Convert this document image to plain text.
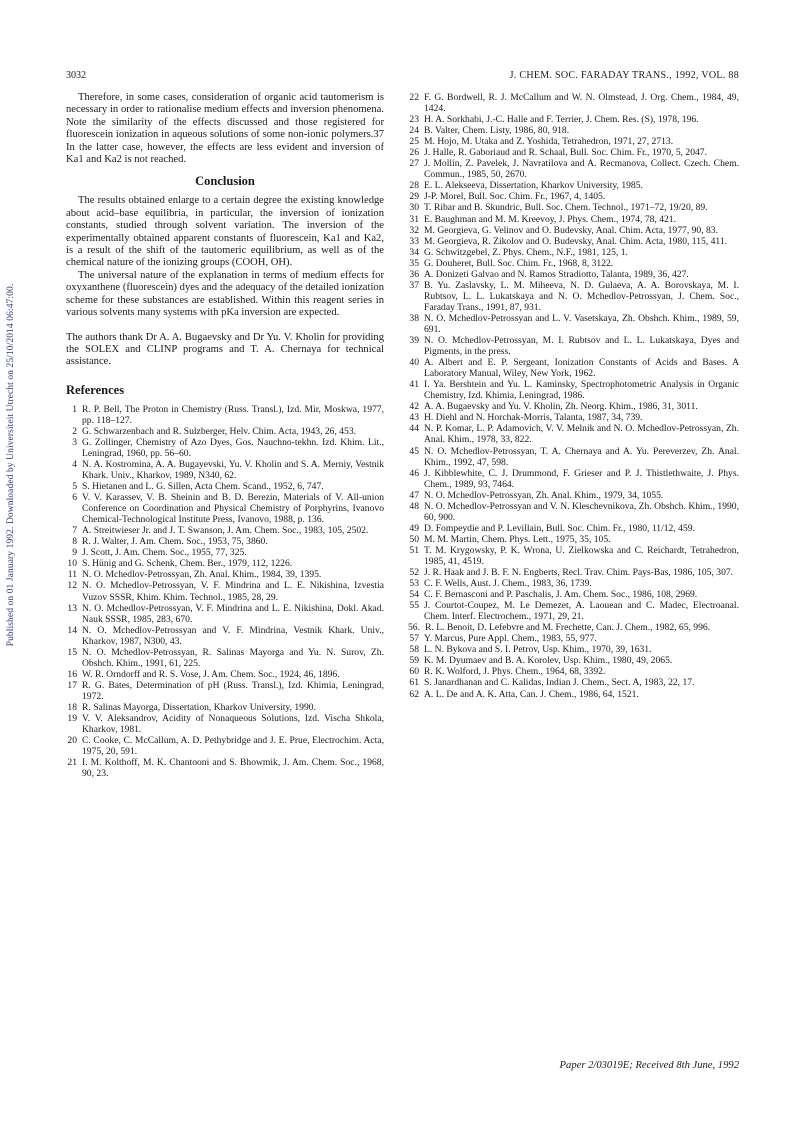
Published on 01 January 1992. Downloaded by Universiteit Utrecht on 25/10/2014 06:47:00.
3032	J. CHEM. SOC. FARADAY TRANS., 1992, VOL. 88

Therefore, in some cases, consideration of organic acid tautomerism is necessary in order to rationalise medium effects and inversion phenomena. Note the similarity of the effects discussed and those registered for fluorescein ionization in aqueous solutions of some non-ionic polymers.37 In the latter case, however, the effects are less evident and inversion of Ka1 and Ka2 is not reached.

Conclusion

The results obtained enlarge to a certain degree the existing knowledge about acid–base equilibria, in particular, the inversion of ionization constants, studied through solvent variation. The inversion of the experimentally obtained apparent constants of fluorescein, Ka1 and Ka2, is a result of the shift of the tautomeric equilibrium, as well as of the chemical nature of the ionizing groups (COOH, OH).

The universal nature of the explanation in terms of medium effects for oxyxanthene (fluorescein) dyes and the adequacy of the detailed ionization scheme for these substances are established. Within this reagent series in various solvents many systems with pKa inversion are expected.

The authors thank Dr A. A. Bugaevsky and Dr Yu. V. Kholin for providing the SOLEX and CLINP programs and T. A. Chernaya for technical assistance.

References
1 R. P. Bell, The Proton in Chemistry (Russ. Transl.), Izd. Mir, Moskwa, 1977, pp. 118–127.
2 G. Schwarzenbach and R. Sulzberger, Helv. Chim. Acta, 1943, 26, 453.
3 G. Zollinger, Chemistry of Azo Dyes, Gos. Nauchno-tekhn. Izd. Khim. Lit., Leningrad, 1960, pp. 56–60.
4 N. A. Kostromina, A. A. Bugayevski, Yu. V. Kholin and S. A. Merniy, Vestnik Khark. Univ., Kharkov, 1989, N340, 62.
5 S. Hietanen and L. G. Sillen, Acta Chem. Scand., 1952, 6, 747.
6 V. V. Karassev, V. B. Sheinin and B. D. Berezin, Materials of V. All-union Conference on Coordination and Physical Chemistry of Porphyrins, Ivanovo Chemical-Technological Institute Press, Ivanovo, 1988, p. 136.
7 A. Streitwieser Jr. and J. T. Swanson, J. Am. Chem. Soc., 1983, 105, 2502.
8 R. J. Walter, J. Am. Chem. Soc., 1953, 75, 3860.
9 J. Scott, J. Am. Chem. Soc., 1955, 77, 325.
10 S. Hünig and G. Schenk, Chem. Ber., 1979, 112, 1226.
11 N. O. Mchedlov-Petrossyan, Zh. Anal. Khim., 1984, 39, 1395.
12 N. O. Mchedlov-Petrossyan, V. F. Mindrina and L. E. Nikishina, Izvestia Vuzov SSSR, Khim. Khim. Technol., 1985, 28, 29.
13 N. O. Mchedlov-Petrossyan, V. F. Mindrina and L. E. Nikishina, Dokl. Akad. Nauk SSSR, 1985, 283, 670.
14 N. O. Mchedlov-Petrossyan and V. F. Mindrina, Vestnik Khark. Univ., Kharkov, 1987, N300, 43.
15 N. O. Mchedlov-Petrossyan, R. Salinas Mayorga and Yu. N. Surov, Zh. Obshch. Khim., 1991, 61, 225.
16 W. R. Orndorff and R. S. Vose, J. Am. Chem. Soc., 1924, 46, 1896.
17 R. G. Bates, Determination of pH (Russ. Transl.), Izd. Khimia, Leningrad, 1972.
18 R. Salinas Mayorga, Dissertation, Kharkov University, 1990.
19 V. V. Aleksandrov, Acidity of Nonaqueous Solutions, Izd. Vischa Shkola, Kharkov, 1981.
20 C. Cooke, C. McCallum, A. D. Pethybridge and J. E. Prue, Electrochim. Acta, 1975, 20, 591.
21 I. M. Kolthoff, M. K. Chantooni and S. Bhowmik, J. Am. Chem. Soc., 1968, 90, 23.
22 F. G. Bordwell, R. J. McCallum and W. N. Olmstead, J. Org. Chem., 1984, 49, 1424.
23 H. A. Sorkhabi, J.-C. Halle and F. Terrier, J. Chem. Res. (S), 1978, 196.
24 B. Valter, Chem. Listy, 1986, 80, 918.
25 M. Hojo, M. Utaka and Z. Yoshida, Tetrahedron, 1971, 27, 2713.
26 J. Halle, R. Gaboriaud and R. Schaal, Bull. Soc. Chim. Fr., 1970, 5, 2047.
27 J. Mollin, Z. Pavelek, J. Navratilova and A. Recmanova, Collect. Czech. Chem. Commun., 1985, 50, 2670.
28 E. L. Alekseeva, Dissertation, Kharkov University, 1985.
29 J-P. Morel, Bull. Soc. Chim. Fr., 1967, 4, 1405.
30 T. Ribar and B. Skundric, Bull. Soc. Chem. Technol., 1971–72, 19/20, 89.
31 E. Baughman and M. M. Kreevoy, J. Phys. Chem., 1974, 78, 421.
32 M. Georgieva, G. Velinov and O. Budevsky, Anal. Chim. Acta, 1977, 90, 83.
33 M. Georgieva, R. Zikolov and O. Budevsky, Anal. Chim. Acta, 1980, 115, 411.
34 G. Schwitzgebel, Z. Phys. Chem., N.F., 1981, 125, 1.
35 G. Douheret, Bull. Soc. Chim. Fr., 1968, 8, 3122.
36 A. Donizeti Galvao and N. Ramos Stradiotto, Talanta, 1989, 36, 427.
37 B. Yu. Zaslavsky, L. M. Miheeva, N. D. Gulaeva, A. A. Borovskaya, M. I. Rubtsov, L. L. Lukatskaya and N. O. Mchedlov-Petrossyan, J. Chem. Soc., Faraday Trans., 1991, 87, 931.
38 N. O. Mchedlov-Petrossyan and L. V. Vasetskaya, Zh. Obshch. Khim., 1989, 59, 691.
39 N. O. Mchedlov-Petrossyan, M. I. Rubtsov and L. L. Lukatskaya, Dyes and Pigments, in the press.
40 A. Albert and E. P. Sergeant, Ionization Constants of Acids and Bases. A Laboratory Manual, Wiley, New York, 1962.
41 I. Ya. Bershtein and Yu. L. Kaminsky, Spectrophotometric Analysis in Organic Chemistry, Izd. Khimia, Leningrad, 1986.
42 A. A. Bugaevsky and Yu. V. Kholin, Zh. Neorg. Khim., 1986, 31, 3011.
43 H. Diehl and N. Horchak-Morris, Talanta, 1987, 34, 739.
44 N. P. Komar, L. P. Adamovich, V. V. Melnik and N. O. Mchedlov-Petrossyan, Zh. Anal. Khim., 1978, 33, 822.
45 N. O. Mchedlov-Petrossyan, T. A. Chernaya and A. Yu. Pereverzev, Zh. Anal. Khim., 1992, 47, 598.
46 J. Kibblewhite, C. J. Drummond, F. Grieser and P. J. Thistlethwaite, J. Phys. Chem., 1989, 93, 7464.
47 N. O. Mchedlov-Petrossyan, Zh. Anal. Khim., 1979, 34, 1055.
48 N. O. Mchedlov-Petrossyan and V. N. Kleschevnikova, Zh. Obshch. Khim., 1990, 60, 900.
49 D. Fompeydie and P. Levillain, Bull. Soc. Chim. Fr., 1980, 11/12, 459.
50 M. M. Martin, Chem. Phys. Lett., 1975, 35, 105.
51 T. M. Krygowsky, P. K. Wrona, U. Zielkowska and C. Reichardt, Tetrahedron, 1985, 41, 4519.
52 J. R. Haak and J. B. F. N. Engberts, Recl. Trav. Chim. Pays-Bas, 1986, 105, 307.
53 C. F. Wells, Aust. J. Chem., 1983, 36, 1739.
54 C. F. Bernasconi and P. Paschalis, J. Am. Chem. Soc., 1986, 108, 2969.
55 J. Courtot-Coupez, M. Le Demezet, A. Laouean and C. Madec, Electroanal. Chem. Interf. Electrochem., 1971, 29, 21.
56. R. L. Benoit, D. Lefebvre and M. Frechette, Can. J. Chem., 1982, 65, 996.
57 Y. Marcus, Pure Appl. Chem., 1983, 55, 977.
58 L. N. Bykova and S. I. Petrov, Usp. Khim., 1970, 39, 1631.
59 K. M. Dyumaev and B. A. Korolev, Usp. Khim., 1980, 49, 2065.
60 R. K. Wolford, J. Phys. Chem., 1964, 68, 3392.
61 S. Janardhanan and C. Kalidas, Indian J. Chem., Sect. A, 1983, 22, 17.
62 A. L. De and A. K. Atta, Can. J. Chem., 1986, 64, 1521.
Paper 2/03019E; Received 8th June, 1992
